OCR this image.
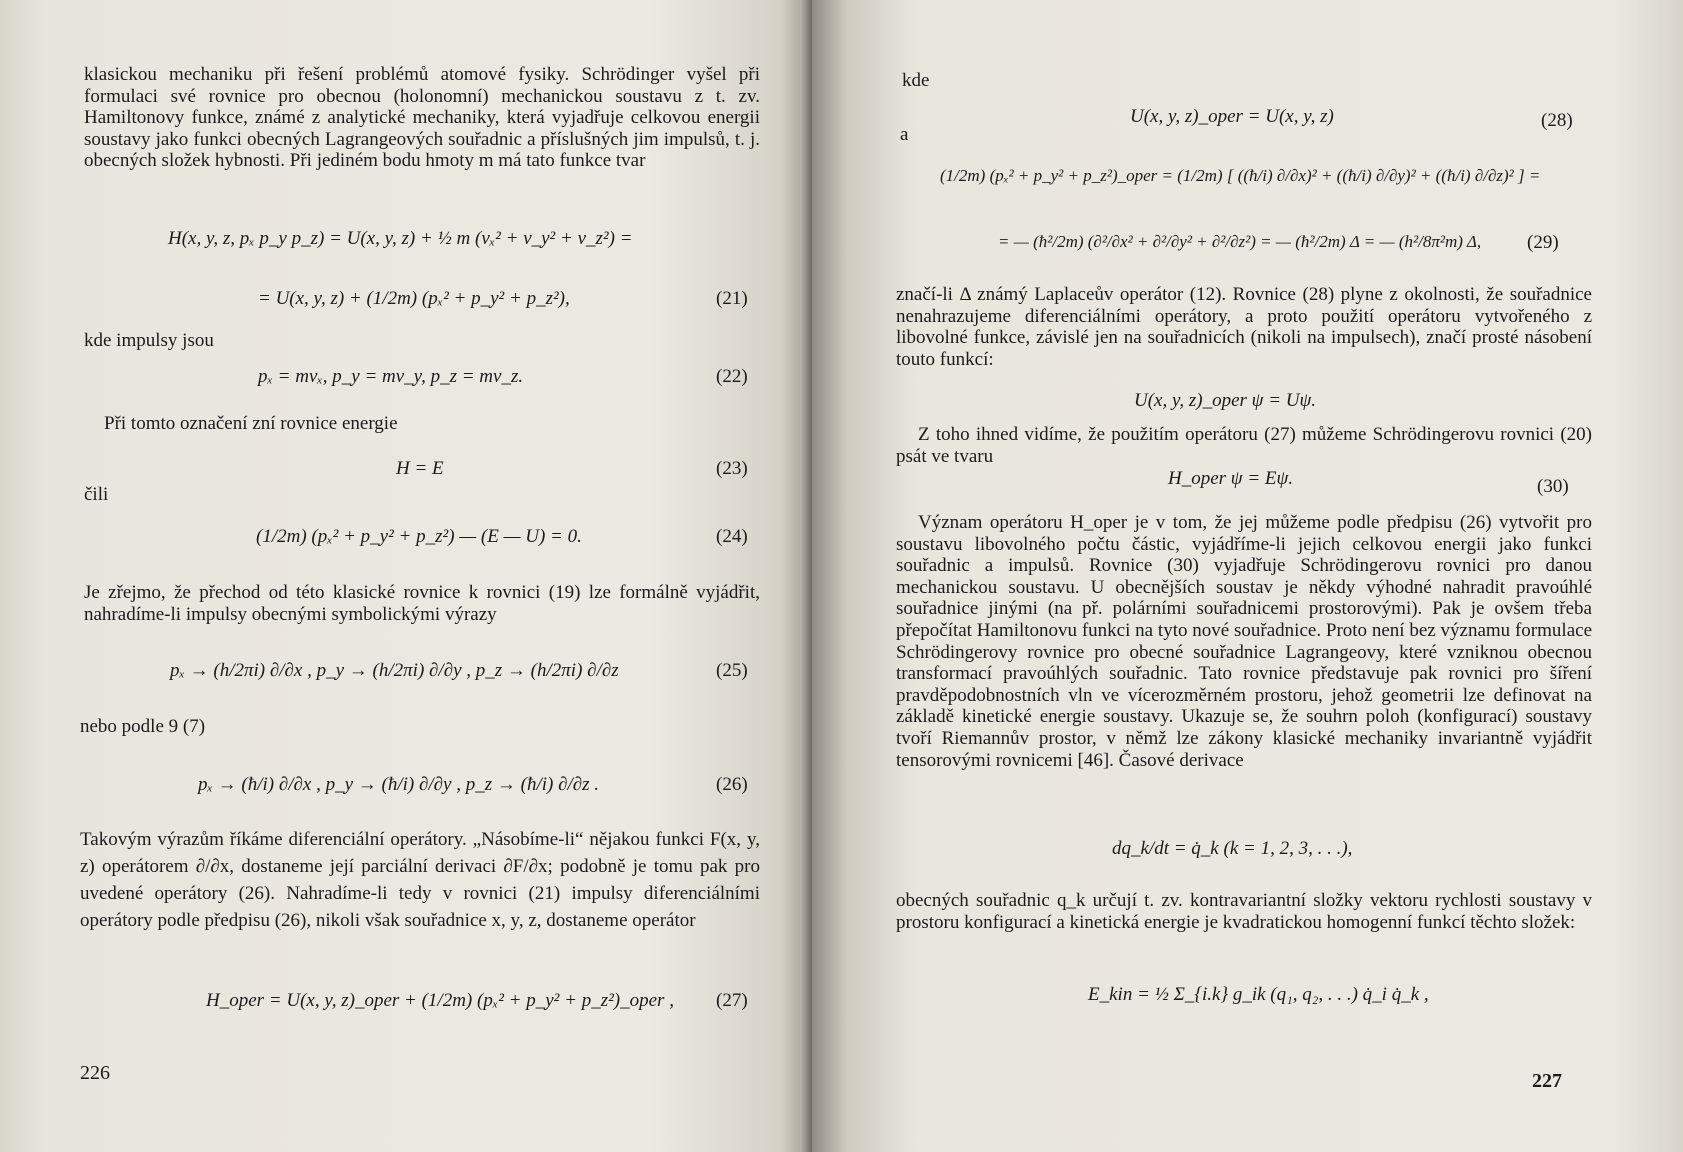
klasickou mechaniku při řešení problémů atomové fysiky. Schrödinger vyšel při formulaci své rovnice pro obecnou (holonomní) mechanickou soustavu z t. zv. Hamiltonovy funkce, známé z analytické mechaniky, která vyjadřuje celkovou energii soustavy jako funkci obecných Lagrangeových souřadnic a příslušných jim impulsů, t. j. obecných složek hybnosti. Při jediném bodu hmoty m má tato funkce tvar
H(x, y, z, pₓ p_y p_z) = U(x, y, z) + ½ m (vₓ² + v_y² + v_z²) =
= U(x, y, z) + (1/2m) (pₓ² + p_y² + p_z²),	(21)
kde impulsy jsou
pₓ = mvₓ, p_y = mv_y, p_z = mv_z.	(22)
Při tomto označení zní rovnice energie
H = E	(23)
čili
(1/2m) (pₓ² + p_y² + p_z²) — (E — U) = 0.	(24)
Je zřejmo, že přechod od této klasické rovnice k rovnici (19) lze formálně vyjádřit, nahradíme-li impulsy obecnými symbolickými výrazy
pₓ → (h/2πi) ∂/∂x , p_y → (h/2πi) ∂/∂y , p_z → (h/2πi) ∂/∂z	(25)
nebo podle 9 (7)
pₓ → (ħ/i) ∂/∂x , p_y → (ħ/i) ∂/∂y , p_z → (ħ/i) ∂/∂z .	(26)
Takovým výrazům říkáme diferenciální operátory. „Násobíme-li“ nějakou funkci F(x, y, z) operátorem ∂/∂x, dostaneme její parciální derivaci ∂F/∂x; podobně je tomu pak pro uvedené operátory (26). Nahradíme-li tedy v rovnici (21) impulsy diferenciálními operátory podle předpisu (26), nikoli však souřadnice x, y, z, dostaneme operátor
H_oper = U(x, y, z)_oper + (1/2m) (pₓ² + p_y² + p_z²)_oper , (27)
226
kde
U(x, y, z)_oper = U(x, y, z)	(28)
a
(1/2m) (pₓ² + p_y² + p_z²)_oper = (1/2m) [ ((ħ/i) ∂/∂x)² + ((ħ/i) ∂/∂y)² + ((ħ/i) ∂/∂z)² ] =
= — (ħ²/2m) (∂²/∂x² + ∂²/∂y² + ∂²/∂z²) = — (ħ²/2m) Δ = — (h²/8π²m) Δ, (29)
značí-li Δ známý Laplaceův operátor (12). Rovnice (28) plyne z okolnosti, že souřadnice nenahrazujeme diferenciálními operátory, a proto použití operátoru vytvořeného z libovolné funkce, závislé jen na souřadnicích (nikoli na impulsech), značí prosté násobení touto funkcí:
U(x, y, z)_oper ψ = Uψ.
Z toho ihned vidíme, že použitím operátoru (27) můžeme Schrödingerovu rovnici (20) psát ve tvaru
H_oper ψ = Eψ.	(30)
Význam operátoru H_oper je v tom, že jej můžeme podle předpisu (26) vytvořit pro soustavu libovolného počtu částic, vyjádříme-li jejich celkovou energii jako funkci souřadnic a impulsů. Rovnice (30) vyjadřuje Schrödingerovu rovnici pro danou mechanickou soustavu. U obecnějších soustav je někdy výhodné nahradit pravoúhlé souřadnice jinými (na př. polárními souřadnicemi prostorovými). Pak je ovšem třeba přepočítat Hamiltonovu funkci na tyto nové souřadnice. Proto není bez významu formulace Schrödingerovy rovnice pro obecné souřadnice Lagrangeovy, které vzniknou obecnou transformací pravoúhlých souřadnic. Tato rovnice představuje pak rovnici pro šíření pravděpodobnostních vln ve vícerozměrném prostoru, jehož geometrii lze definovat na základě kinetické energie soustavy. Ukazuje se, že souhrn poloh (konfigurací) soustavy tvoří Riemannův prostor, v němž lze zákony klasické mechaniky invariantně vyjádřit tensorovými rovnicemi [46]. Časové derivace
dq_k/dt = q̇_k (k = 1, 2, 3, . . .),
obecných souřadnic q_k určují t. zv. kontravariantní složky vektoru rychlosti soustavy v prostoru konfigurací a kinetická energie je kvadratickou homogenní funkcí těchto složek:
E_kin = ½ Σ_{i.k} g_ik (q₁, q₂, . . .) q̇_i q̇_k ,
227
